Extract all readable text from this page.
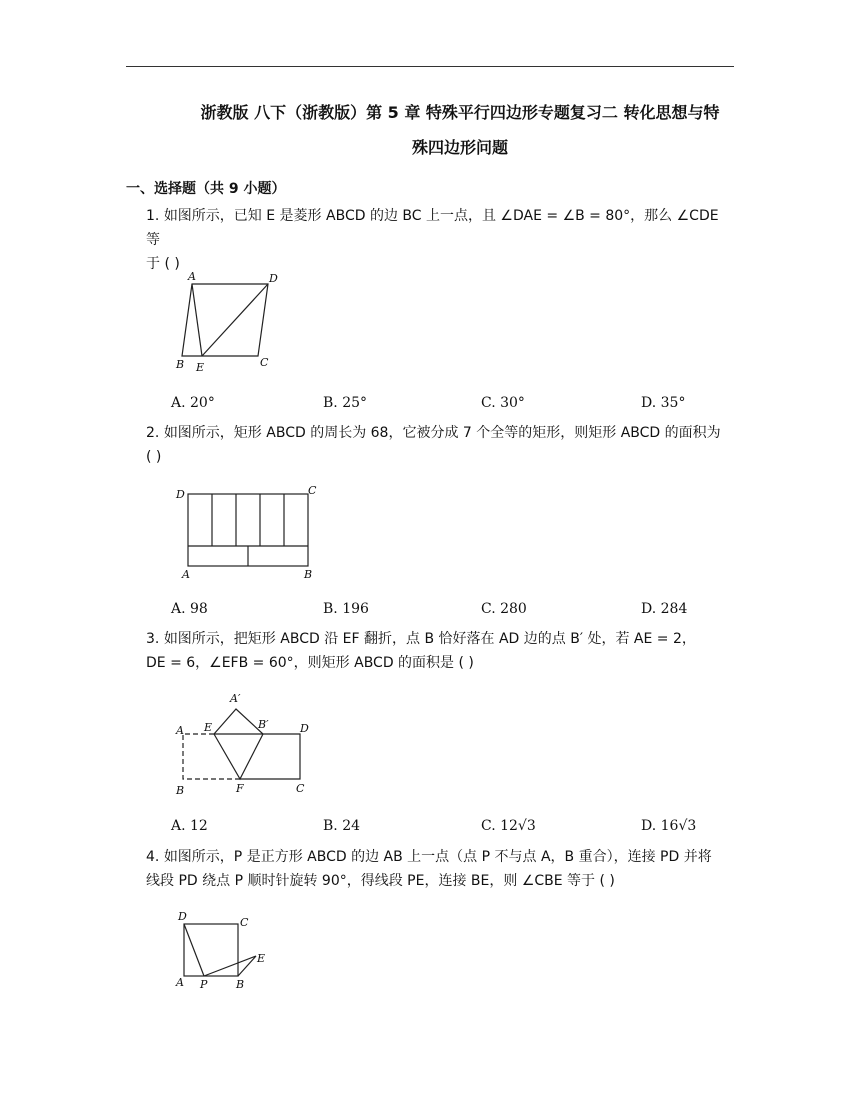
浙教版 八下（浙教版）第 5 章 特殊平行四边形专题复习二 转化思想与特
殊四边形问题
一、选择题（共 9 小题）
1. 如图所示，已知 E 是菱形 ABCD 的边 BC 上一点，且 ∠DAE = ∠B = 80°，那么 ∠CDE 等
于 ( )
A	D
B E	C
A. 20°	B. 25°	C. 30°	D. 35°
2. 如图所示，矩形 ABCD 的周长为 68，它被分成 7 个全等的矩形，则矩形 ABCD 的面积为
( )
D	C
A	B
A. 98	B. 196	C. 280	D. 284
3. 如图所示，把矩形 ABCD 沿 EF 翻折，点 B 恰好落在 AD 边的点 B′ 处，若 AE = 2，
DE = 6，∠EFB = 60°，则矩形 ABCD 的面积是 ( )
A′
A E	B′	D
B	F	C
A. 12	B. 24	C. 12√3	D. 16√3
4. 如图所示，P 是正方形 ABCD 的边 AB 上一点（点 P 不与点 A，B 重合），连接 PD 并将
线段 PD 绕点 P 顺时针旋转 90°，得线段 PE，连接 BE，则 ∠CBE 等于 ( )
D	C
E
A P	B
